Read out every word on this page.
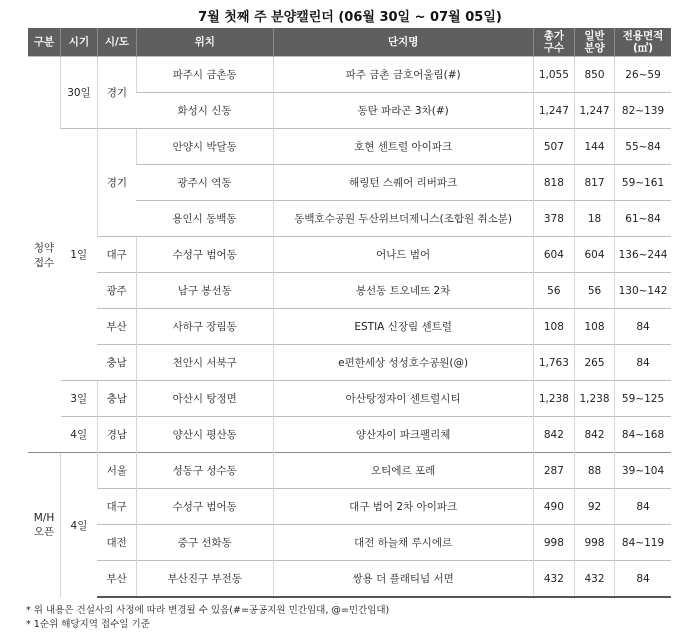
7월 첫째 주 분양캘린더 (06월 30일 ~ 07월 05일)
구분	시기	시/도	위치	단지명	총가
구수	일반
분양	전용면적
(㎡)
청약
접수	30일	경기	파주시 금촌동	파주 금촌 금호어울림(#)	1,055	850	26~59
			화성시 신동	동탄 파라곤 3차(#)	1,247	1,247	82~139
	1일	경기	안양시 박달동	호현 센트럴 아이파크	507	144	55~84
			광주시 역동	해링턴 스퀘어 리버파크	818	817	59~161
			용인시 동백동	동백호수공원 두산위브더제니스(조합원 취소분)	378	18	61~84
		대구	수성구 범어동	어나드 범어	604	604	136~244
		광주	남구 봉선동	봉선동 트오네뜨 2차	56	56	130~142
		부산	사하구 장림동	ESTIA 신장림 센트럴	108	108	84
		충남	천안시 서북구	e편한세상 성성호수공원(@)	1,763	265	84
	3일	충남	아산시 탕정면	아산탕정자이 센트럴시티	1,238	1,238	59~125
	4일	경남	양산시 평산동	양산자이 파크팰리체	842	842	84~168
M/H
오픈	4일	서울	성동구 성수동	오티에르 포레	287	88	39~104
		대구	수성구 범어동	대구 범어 2차 아이파크	490	92	84
		대전	중구 선화동	대전 하늘채 루시에르	998	998	84~119
		부산	부산진구 부전동	쌍용 더 플래티넘 서면	432	432	84
* 위 내용은 건설사의 사정에 따라 변경될 수 있음(#=공공지원 민간임대, @=민간임대)
* 1순위 해당지역 접수일 기준
